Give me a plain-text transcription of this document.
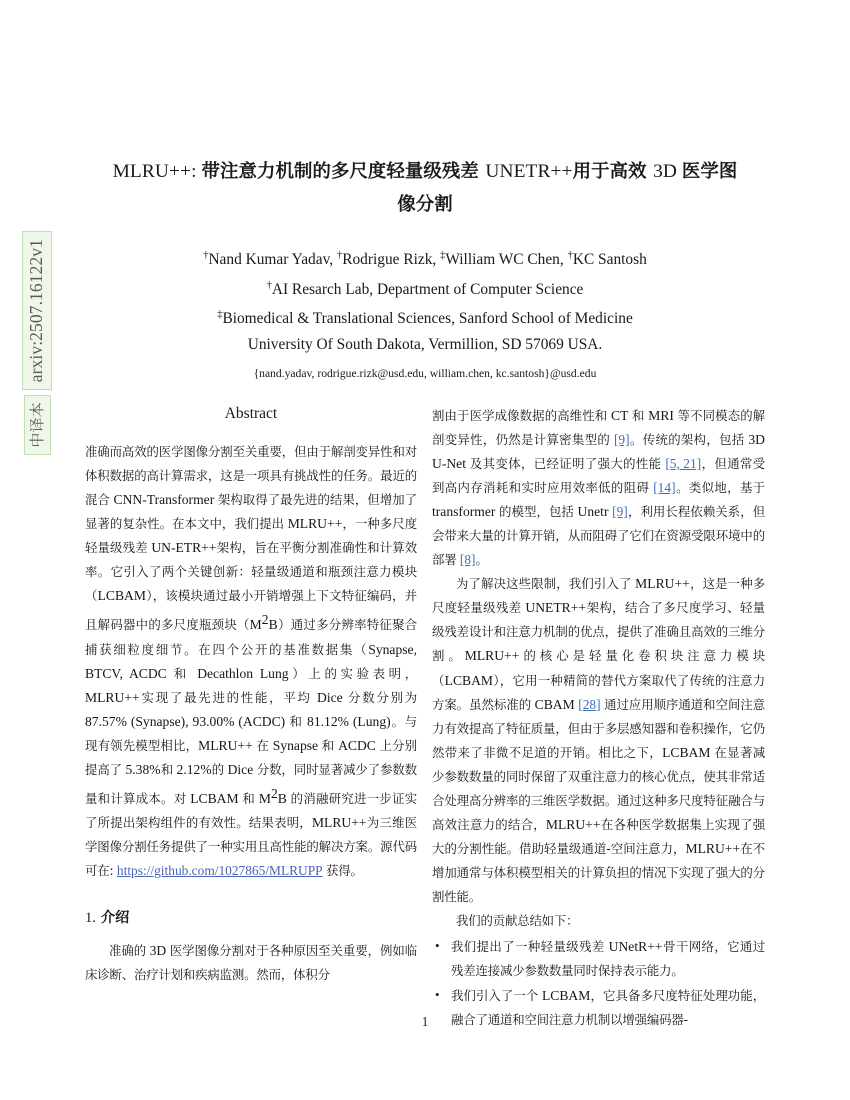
arxiv:2507.16122v1
中译本
MLRU++: 带注意力机制的多尺度轻量级残差 UNETR++用于高效 3D 医学图
像分割
†Nand Kumar Yadav, †Rodrigue Rizk, ‡William WC Chen, †KC Santosh
†AI Resarch Lab, Department of Computer Science
‡Biomedical & Translational Sciences, Sanford School of Medicine
University Of South Dakota, Vermillion, SD 57069 USA.
{nand.yadav, rodrigue.rizk@usd.edu, william.chen, kc.santosh}@usd.edu
Abstract

准确而高效的医学图像分割至关重要，但由于解剖变异性和对体积数据的高计算需求，这是一项具有挑战性的任务。最近的混合 CNN-Transformer 架构取得了最先进的结果，但增加了显著的复杂性。在本文中，我们提出 MLRU++，一种多尺度轻量级残差 UN-ETR++架构，旨在平衡分割准确性和计算效率。它引入了两个关键创新：轻量级通道和瓶颈注意力模块（LCBAM），该模块通过最小开销增强上下文特征编码，并且解码器中的多尺度瓶颈块$(M^2B)$通过多分辨率特征聚合捕获细粒度细节。在四个公开的基准数据集（Synapse, BTCV, ACDC 和 Decathlon Lung）上的实验表明，MLRU++实现了最先进的性能，平均 Dice 分数分别为 87.57% (Synapse), 93.00% (ACDC) 和 81.12% (Lung)。与现有领先模型相比，MLRU++ 在 Synapse 和 ACDC 上分别提高了 5.38%和 2.12%的 Dice 分数，同时显著减少了参数数量和计算成本。对 LCBAM 和 $M^2B$ 的消融研究进一步证实了所提出架构组件的有效性。结果表明，MLRU++为三维医学图像分割任务提供了一种实用且高性能的解决方案。源代码可在: https://github.com/1027865/MLRUPP 获得。

1. 介绍

准确的 3D 医学图像分割对于各种原因至关重要，例如临床诊断、治疗计划和疾病监测。然而，体积分

割由于医学成像数据的高维性和 CT 和 MRI 等不同模态的解剖变异性，仍然是计算密集型的 [9]。传统的架构，包括 3D U-Net 及其变体，已经证明了强大的性能 [5, 21]，但通常受到高内存消耗和实时应用效率低的阻碍 [14]。类似地，基于 transformer 的模型，包括 Unetr [9]，利用长程依赖关系，但会带来大量的计算开销，从而阻碍了它们在资源受限环境中的部署 [8]。

为了解决这些限制，我们引入了 MLRU++，这是一种多尺度轻量级残差 UNETR++架构，结合了多尺度学习、轻量级残差设计和注意力机制的优点，提供了准确且高效的三维分割。MLRU++的核心是轻量化卷积块注意力模块（LCBAM），它用一种精简的替代方案取代了传统的注意力方案。虽然标准的 CBAM [28] 通过应用顺序通道和空间注意力有效提高了特征质量，但由于多层感知器和卷积操作，它仍然带来了非微不足道的开销。相比之下，LCBAM 在显著减少参数数量的同时保留了双重注意力的核心优点，使其非常适合处理高分辨率的三维医学数据。通过这种多尺度特征融合与高效注意力的结合，MLRU++在各种医学数据集上实现了强大的分割性能。借助轻量级通道-空间注意力，MLRU++在不增加通常与体积模型相关的计算负担的情况下实现了强大的分割性能。

我们的贡献总结如下：

• 我们提出了一种轻量级残差 UNetR++骨干网络，它通过残差连接减少参数数量同时保持表示能力。

• 我们引入了一个 LCBAM，它具备多尺度特征处理功能，融合了通道和空间注意力机制以增强编码器-

1
